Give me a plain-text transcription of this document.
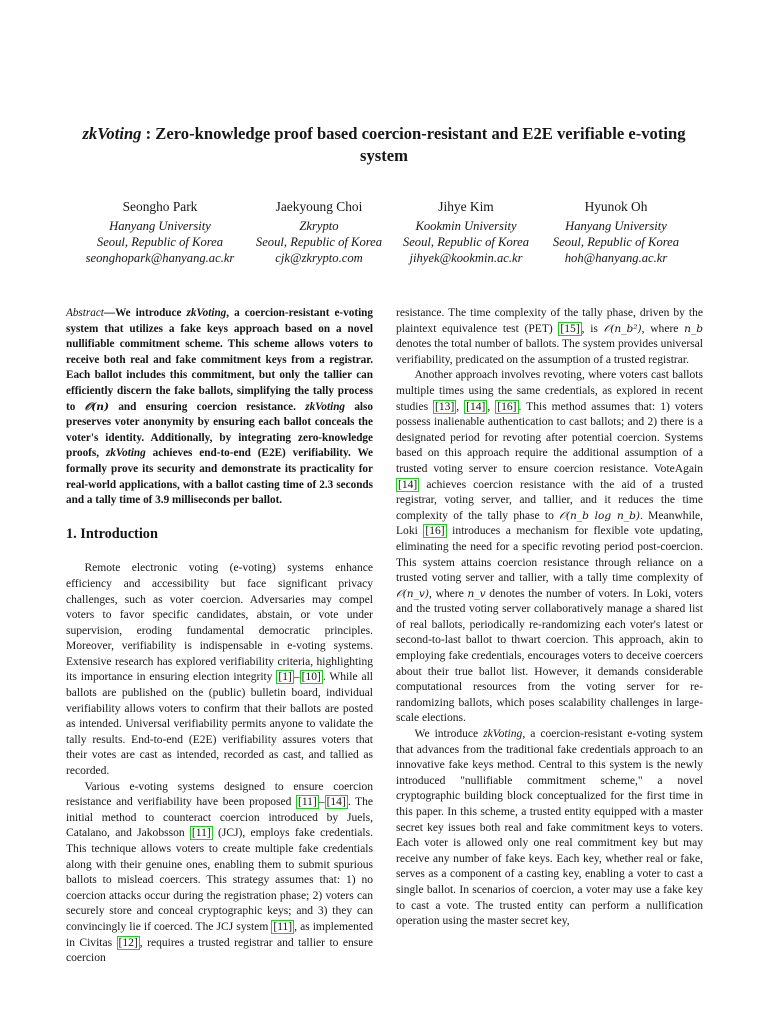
zkVoting : Zero-knowledge proof based coercion-resistant and E2E verifiable e-voting system
Seongho Park
Hanyang University
Seoul, Republic of Korea
seonghopark@hanyang.ac.kr
Jaekyoung Choi
Zkrypto
Seoul, Republic of Korea
cjk@zkrypto.com
Jihye Kim
Kookmin University
Seoul, Republic of Korea
jihyek@kookmin.ac.kr
Hyunok Oh
Hanyang University
Seoul, Republic of Korea
hoh@hanyang.ac.kr
Abstract—We introduce zkVoting, a coercion-resistant e-voting system that utilizes a fake keys approach based on a novel nullifiable commitment scheme. This scheme allows voters to receive both real and fake commitment keys from a registrar. Each ballot includes this commitment, but only the tallier can efficiently discern the fake ballots, simplifying the tally process to 𝒪(n) and ensuring coercion resistance. zkVoting also preserves voter anonymity by ensuring each ballot conceals the voter's identity. Additionally, by integrating zero-knowledge proofs, zkVoting achieves end-to-end (E2E) verifiability. We formally prove its security and demonstrate its practicality for real-world applications, with a ballot casting time of 2.3 seconds and a tally time of 3.9 milliseconds per ballot.
1. Introduction

Remote electronic voting (e-voting) systems enhance efficiency and accessibility but face significant privacy challenges, such as voter coercion. Adversaries may compel voters to favor specific candidates, abstain, or vote under supervision, eroding fundamental democratic principles. Moreover, verifiability is indispensable in e-voting systems. Extensive research has explored verifiability criteria, highlighting its importance in ensuring election integrity [1] – [10] . While all ballots are published on the (public) bulletin board, individual verifiability allows voters to confirm that their ballots are posted as intended. Universal verifiability permits anyone to validate the tally results. End-to-end (E2E) verifiability assures voters that their votes are cast as intended, recorded as cast, and tallied as recorded.

Various e-voting systems designed to ensure coercion resistance and verifiability have been proposed [11] – [14] . The initial method to counteract coercion introduced by Juels, Catalano, and Jakobsson [11] (JCJ), employs fake credentials. This technique allows voters to create multiple fake credentials along with their genuine ones, enabling them to submit spurious ballots to mislead coercers. This strategy assumes that: 1) no coercion attacks occur during the registration phase; 2) voters can securely store and conceal cryptographic keys; and 3) they can convincingly lie if coerced. The JCJ system [11] , as implemented in Civitas [12] , requires a trusted registrar and tallier to ensure coercion

resistance. The time complexity of the tally phase, driven by the plaintext equivalence test (PET) [15] , is 𝒪(n_b²), where n_b denotes the total number of ballots. The system provides universal verifiability, predicated on the assumption of a trusted registrar.

Another approach involves revoting, where voters cast ballots multiple times using the same credentials, as explored in recent studies [13] , [14] , [16] . This method assumes that: 1) voters possess inalienable authentication to cast ballots; and 2) there is a designated period for revoting after potential coercion. Systems based on this approach require the additional assumption of a trusted voting server to ensure coercion resistance. VoteAgain [14] achieves coercion resistance with the aid of a trusted registrar, voting server, and tallier, and it reduces the time complexity of the tally phase to 𝒪(n_b log n_b). Meanwhile, Loki [16] introduces a mechanism for flexible vote updating, eliminating the need for a specific revoting period post-coercion. This system attains coercion resistance through reliance on a trusted voting server and tallier, with a tally time complexity of 𝒪(n_v), where n_v denotes the number of voters. In Loki, voters and the trusted voting server collaboratively manage a shared list of real ballots, periodically re-randomizing each voter's latest or second-to-last ballot to thwart coercion. This approach, akin to employing fake credentials, encourages voters to deceive coercers about their true ballot list. However, it demands considerable computational resources from the voting server for re-randomizing ballots, which poses scalability challenges in large-scale elections.

We introduce zkVoting, a coercion-resistant e-voting system that advances from the traditional fake credentials approach to an innovative fake keys method. Central to this system is the newly introduced "nullifiable commitment scheme," a novel cryptographic building block conceptualized for the first time in this paper. In this scheme, a trusted entity equipped with a master secret key issues both real and fake commitment keys to voters. Each voter is allowed only one real commitment key but may receive any number of fake keys. Each key, whether real or fake, serves as a component of a casting key, enabling a voter to cast a single ballot. In scenarios of coercion, a voter may use a fake key to cast a vote. The trusted entity can perform a nullification operation using the master secret key,
